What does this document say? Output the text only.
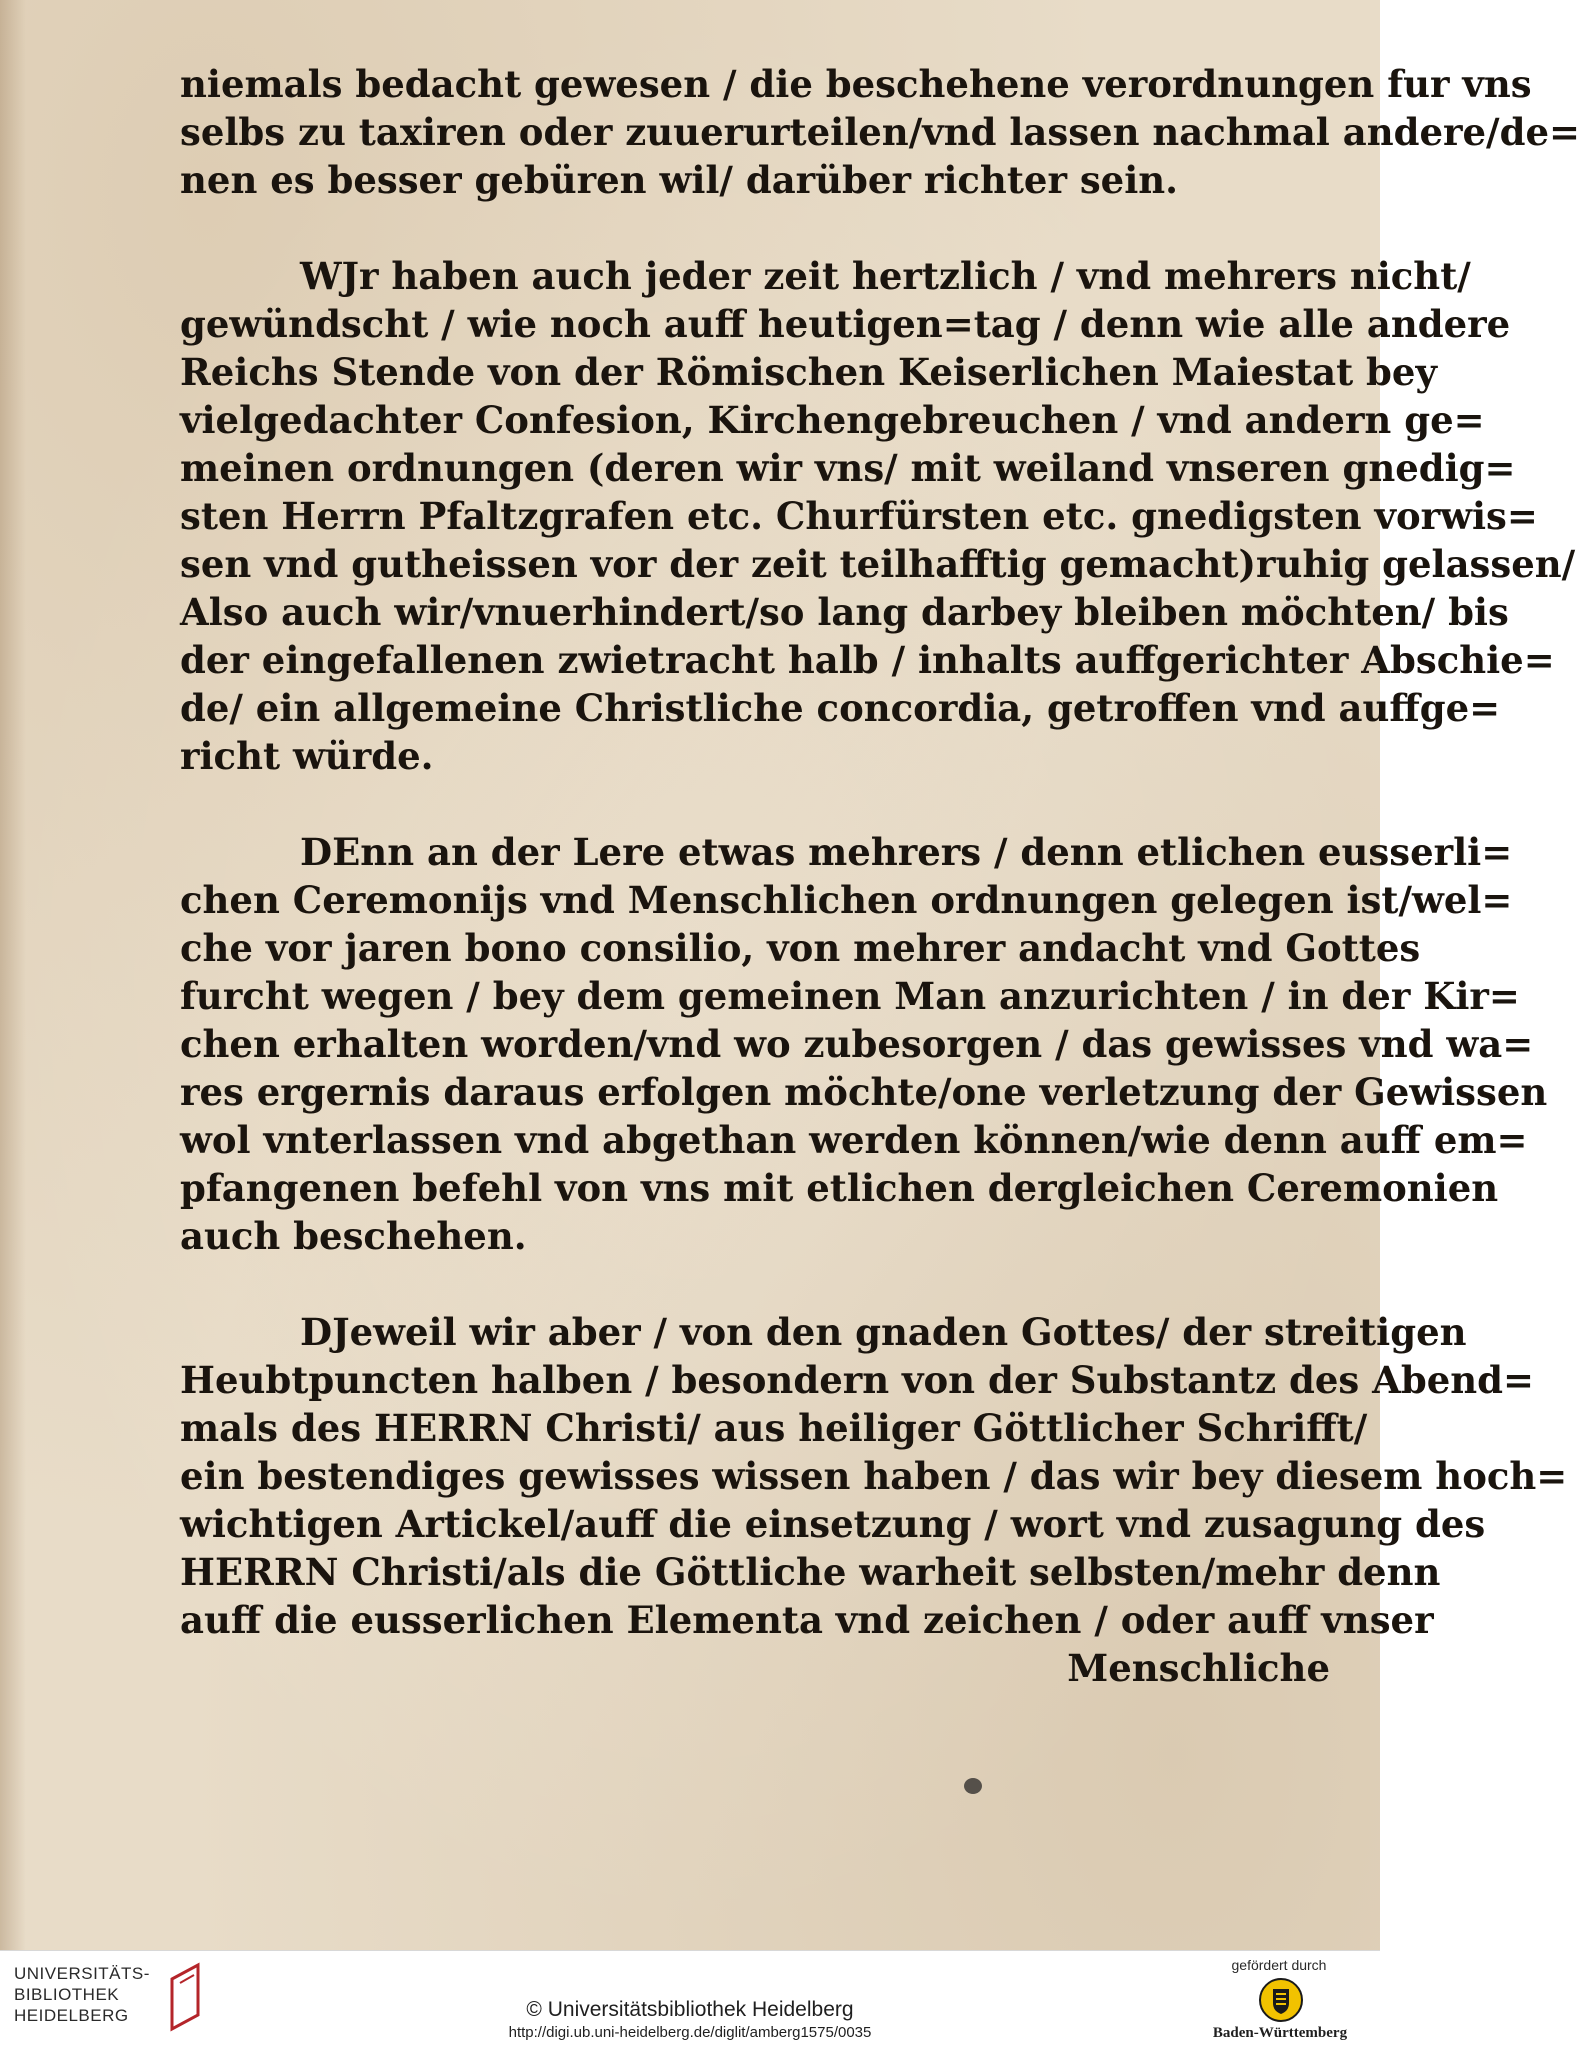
niemals bedacht gewesen / die beschehene verordnungen fur vns
selbs zu taxiren oder zuuerurteilen/vnd lassen nachmal andere/de=
nen es besser gebüren wil/ darüber richter sein.
WJr haben auch jeder zeit hertzlich / vnd mehrers nicht/
gewündscht / wie noch auff heutigen=tag / denn wie alle andere
Reichs Stende von der Römischen Keiserlichen Maiestat bey
vielgedachter Confesion, Kirchengebreuchen / vnd andern ge=
meinen ordnungen (deren wir vns/ mit weiland vnseren gnedig=
sten Herrn Pfaltzgrafen etc. Churfürsten etc. gnedigsten vorwis=
sen vnd gutheissen vor der zeit teilhafftig gemacht)ruhig gelassen/
Also auch wir/vnuerhindert/so lang darbey bleiben möchten/ bis
der eingefallenen zwietracht halb / inhalts auffgerichter Abschie=
de/ ein allgemeine Christliche concordia, getroffen vnd auffge=
richt würde.
DEnn an der Lere etwas mehrers / denn etlichen eusserli=
chen Ceremonijs vnd Menschlichen ordnungen gelegen ist/wel=
che vor jaren bono consilio, von mehrer andacht vnd Gottes
furcht wegen / bey dem gemeinen Man anzurichten / in der Kir=
chen erhalten worden/vnd wo zubesorgen / das gewisses vnd wa=
res ergernis daraus erfolgen möchte/one verletzung der Gewissen
wol vnterlassen vnd abgethan werden können/wie denn auff em=
pfangenen befehl von vns mit etlichen dergleichen Ceremonien
auch beschehen.
DJeweil wir aber / von den gnaden Gottes/ der streitigen
Heubtpuncten halben / besondern von der Substantz des Abend=
mals des HERRN Christi/ aus heiliger Göttlicher Schrifft/
ein bestendiges gewisses wissen haben / das wir bey diesem hoch=
wichtigen Artickel/auff die einsetzung / wort vnd zusagung des
HERRN Christi/als die Göttliche warheit selbsten/mehr denn
auff die eusserlichen Elementa vnd zeichen / oder auff vnser
Menschliche
UNIVERSITÄTS-
BIBLIOTHEK
HEIDELBERG	© Universitätsbibliothek Heidelberg
http://digi.ub.uni-heidelberg.de/diglit/amberg1575/0035
gefördert durch
Baden-Württemberg
